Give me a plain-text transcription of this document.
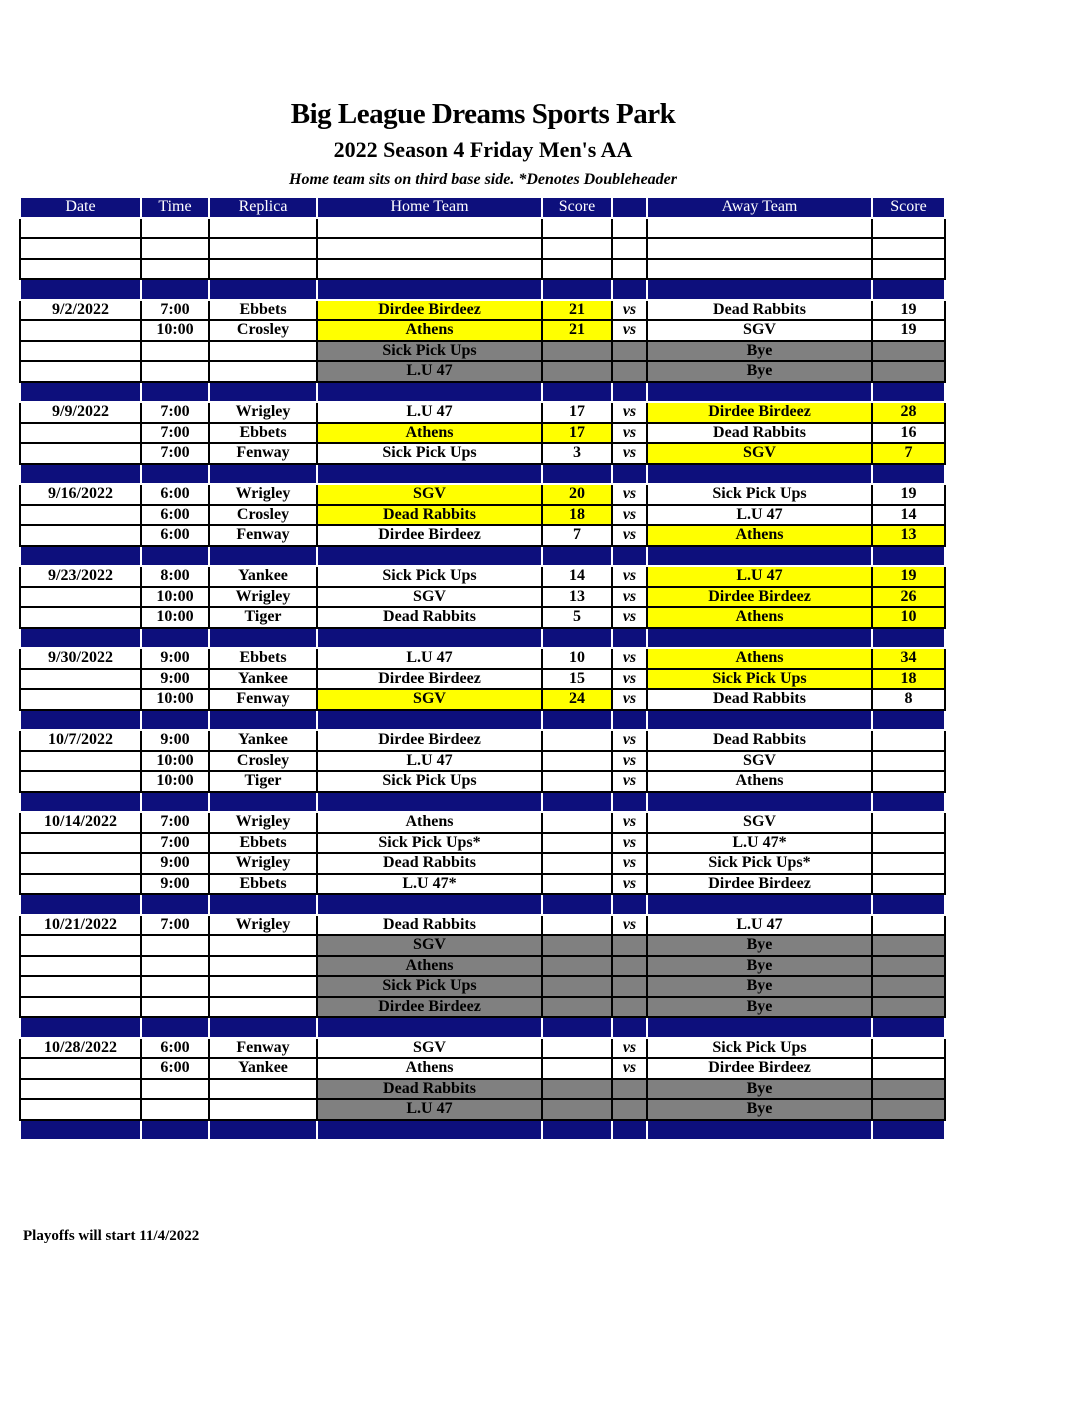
Big League Dreams Sports Park
2022 Season 4 Friday Men's AA
Home team sits on third base side. *Denotes Doubleheader
Date	Time	Replica	Home Team	Score		Away Team	Score

9/2/2022	7:00	Ebbets	Dirdee Birdeez	21	vs	Dead Rabbits	19
	10:00	Crosley	Athens	21	vs	SGV	19
			Sick Pick Ups			Bye	
			L.U 47			Bye	

9/9/2022	7:00	Wrigley	L.U 47	17	vs	Dirdee Birdeez	28
	7:00	Ebbets	Athens	17	vs	Dead Rabbits	16
	7:00	Fenway	Sick Pick Ups	3	vs	SGV	7

9/16/2022	6:00	Wrigley	SGV	20	vs	Sick Pick Ups	19
	6:00	Crosley	Dead Rabbits	18	vs	L.U 47	14
	6:00	Fenway	Dirdee Birdeez	7	vs	Athens	13

9/23/2022	8:00	Yankee	Sick Pick Ups	14	vs	L.U 47	19
	10:00	Wrigley	SGV	13	vs	Dirdee Birdeez	26
	10:00	Tiger	Dead Rabbits	5	vs	Athens	10

9/30/2022	9:00	Ebbets	L.U 47	10	vs	Athens	34
	9:00	Yankee	Dirdee Birdeez	15	vs	Sick Pick Ups	18
	10:00	Fenway	SGV	24	vs	Dead Rabbits	8

10/7/2022	9:00	Yankee	Dirdee Birdeez		vs	Dead Rabbits	
	10:00	Crosley	L.U 47		vs	SGV	
	10:00	Tiger	Sick Pick Ups		vs	Athens	

10/14/2022	7:00	Wrigley	Athens		vs	SGV	
	7:00	Ebbets	Sick Pick Ups*		vs	L.U 47*	
	9:00	Wrigley	Dead Rabbits		vs	Sick Pick Ups*	
	9:00	Ebbets	L.U 47*		vs	Dirdee Birdeez	

10/21/2022	7:00	Wrigley	Dead Rabbits		vs	L.U 47	
			SGV			Bye	
			Athens			Bye	
			Sick Pick Ups			Bye	
			Dirdee Birdeez			Bye	

10/28/2022	6:00	Fenway	SGV		vs	Sick Pick Ups	
	6:00	Yankee	Athens		vs	Dirdee Birdeez	
			Dead Rabbits			Bye	
			L.U 47			Bye	

Playoffs will start 11/4/2022
